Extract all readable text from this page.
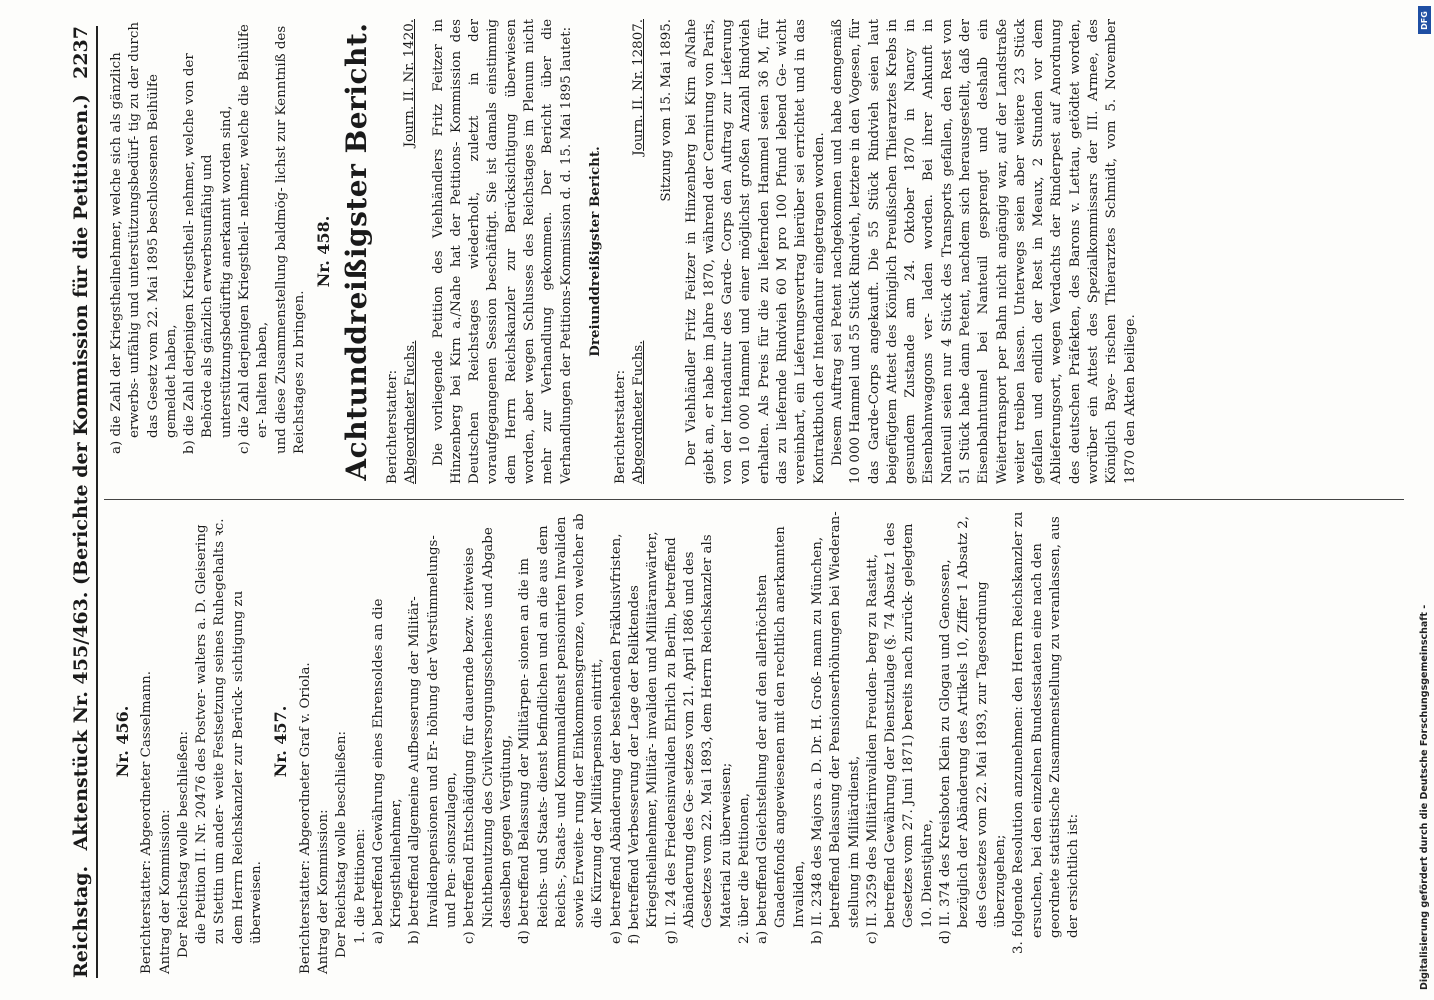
Reichstag.
Aktenstück Nr. 455/463. (Berichte der Kommission für die Petitionen.)
2237

Nr. 456. Berichterstatter: Abgeordneter Casselmann. Antrag der Kommission: Der Reichstag wolle beschließen: die Petition II. Nr. 20476 des Postver- walters a. D. Gleisering zu Stettin um ander- weite Festsetzung seines Ruhegehalts ꝛc. dem Herrn Reichskanzler zur Berück- sichtigung zu überweisen.

Nr. 457. Berichterstatter: Abgeordneter Graf v. Oriola. Antrag der Kommission: Der Reichstag wolle beschließen: 1. die Petitionen: a) betreffend Gewährung eines Ehrensoldes an die Kriegstheilnehmer, b) betreffend allgemeine Aufbesserung der Militär-Invalidenpensionen und Er- höhung der Verstümmelungs- und Pen- sionszulagen, c) betreffend Entschädigung für dauernde bezw. zeitweise Nichtbenutzung des Civilversorgungsscheines und Abgabe desselben gegen Vergütung, d) betreffend Belassung der Militärpen- sionen an die im Reichs- und Staats- dienst befindlichen und an die aus dem Reichs-, Staats- und Kommunaldienst pensionirten Invaliden sowie Erweite- rung der Einkommensgrenze, von welcher ab die Kürzung der Militärpension eintritt, e) betreffend Abänderung der bestehenden Präklusivfristen, f) betreffend Verbesserung der Lage der Reliktendes Kriegstheilnehmer, Militär- invaliden und Militäranwärter, g) II. 24 des Friedensinvaliden Ehrlich zu Berlin, betreffend Abänderung des Ge- setzes vom 21. April 1886 und des Gesetzes vom 22. Mai 1893, dem Herrn Reichskanzler als Material zu überweisen; 2. über die Petitionen, a) betreffend Gleichstellung der auf den allerhöchsten Gnadenfonds angewiesenen mit den rechtlich anerkannten Invaliden, b) II. 2348 des Majors a. D. Dr. H. Groß- mann zu München, betreffend Belassung der Pensionserhöhungen bei Wiederan- stellung im Militärdienst, c) II. 3259 des Militärinvaliden Freuden- berg zu Rastatt, betreffend Gewährung der Dienstzulage (§. 74 Absatz 1 des Gesetzes vom 27. Juni 1871) bereits nach zurück- gelegtem 10. Dienstjahre, d) II. 374 des Kreisboten Klein zu Glogau und Genossen, bezüglich der Abänderung des Artikels 10, Ziffer 1 Absatz 2, des Gesetzes vom 22. Mai 1893, zur Tagesordnung überzugehen; 3. folgende Resolution anzunehmen: den Herrn Reichskanzler zu ersuchen, bei den einzelnen Bundesstaaten eine nach den geordnete statistische Zusammenstellung zu veranlassen, aus der ersichtlich ist:

a) die Zahl der Kriegstheilnehmer, welche sich als gänzlich erwerbs- unfähig und unterstützungsbedürf- tig zu der durch das Gesetz vom 22. Mai 1895 beschlossenen Beihülfe gemeldet haben, b) die Zahl derjenigen Kriegstheil- nehmer, welche von der Behörde als gänzlich erwerbsunfähig und unterstützungsbedürftig anerkannt worden sind, c) die Zahl derjenigen Kriegstheil- nehmer, welche die Beihülfe er- halten haben, und diese Zusammenstellung baldmög- lichst zur Kenntniß des Reichstages zu bringen.

Nr. 458. Achtunddreißigster Bericht. Berichterstatter: Abgeordneter Fuchs.
Journ. II. Nr. 1420. Die vorliegende Petition des Viehhändlers Fritz Feitzer in Hinzenberg bei Kirn a./Nahe hat der Petitions- Kommission des Deutschen Reichstages wiederholt, zuletzt in der voraufgegangenen Session beschäftigt. Sie ist damals einstimmig dem Herrn Reichskanzler zur Berücksichtigung überwiesen worden, aber wegen Schlusses des Reichstages im Plenum nicht mehr zur Verhandlung gekommen. Der Bericht über die Verhandlungen der Petitions-Kommission d. d. 15. Mai 1895 lautet: Dreiunddreißigster Bericht.

Berichterstatter: Abgeordneter Fuchs.
Journ. II. Nr. 12807. Sitzung vom 15. Mai 1895. Der Viehhändler Fritz Feitzer in Hinzenberg bei Kirn a/Nahe giebt an, er habe im Jahre 1870, während der Cernirung von Paris, von der Intendantur des Garde- Corps den Auftrag zur Lieferung von 10 000 Hammel und einer möglichst großen Anzahl Rindvieh erhalten. Als Preis für die zu liefernden Hammel seien 36 M, für das zu liefernde Rindvieh 60 M pro 100 Pfund lebend Ge- wicht vereinbart, ein Lieferungsvertrag hierüber sei errichtet und in das Kontraktbuch der Intendantur eingetragen worden. Diesem Auftrag sei Petent nachgekommen und habe demgemäß 10 000 Hammel und 55 Stück Rindvieh, letztere in den Vogesen, für das Garde-Corps angekauft. Die 55 Stück Rindvieh seien laut beigefügtem Attest des Königlich Preußischen Thierarztes Krebs in gesundem Zustande am 24. Oktober 1870 in Nancy in Eisenbahnwaggons ver- laden worden. Bei ihrer Ankunft in Nanteuil seien nur 4 Stück des Transports gefallen, den Rest von 51 Stück habe dann Petent, nachdem sich herausgestellt, daß der Eisenbahntunnel bei Nanteuil gesprengt und deshalb ein Weitertransport per Bahn nicht angängig war, auf der Landstraße weiter treiben lassen. Unterwegs seien aber weitere 23 Stück gefallen und endlich der Rest in Meaux, 2 Stunden vor dem Ablieferungsort, wegen Verdachts der Rinderpest auf Anordnung des deutschen Präfekten, des Barons v. Lettau, getödtet worden, worüber ein Attest des Spezialkommissars der III. Armee, des Königlich Baye- rischen Thierarztes Schmidt, vom 5. November 1870 den Akten beiliege.

DFG
Digitalisierung gefördert durch die Deutsche Forschungsgemeinschaft -
